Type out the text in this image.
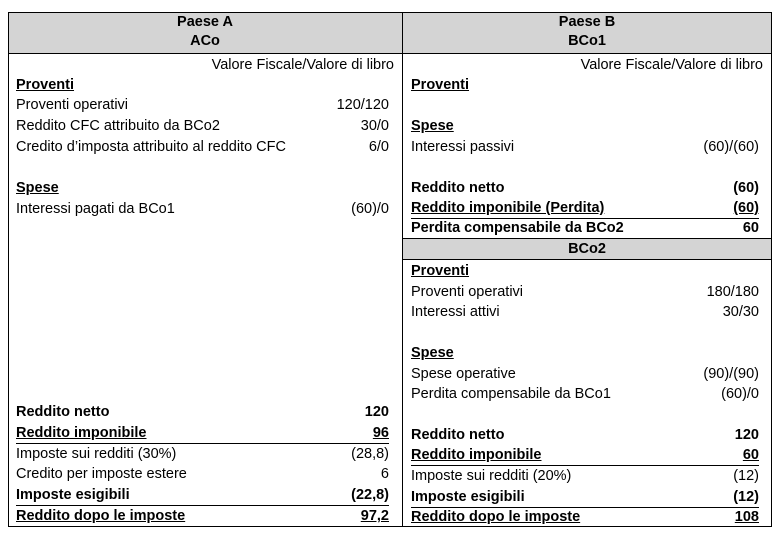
Paese A
ACo
Paese B
BCo1
Valore Fiscale/Valore di libro
Proventi
Proventi operativi	120/120
Reddito CFC attribuito da BCo2	30/0
Credito d’imposta attribuito al reddito CFC	6/0
Spese
Interessi pagati da BCo1	(60)/0
Reddito netto	120
Reddito imponibile	96
Imposte sui redditi (30%)	(28,8)
Credito per imposte estere	6
Imposte esigibili	(22,8)
Reddito dopo le imposte	97,2
Valore Fiscale/Valore di libro
Proventi
Spese
Interessi passivi	(60)/(60)
Reddito netto	(60)
Reddito imponibile (Perdita)	(60)
Perdita compensabile da BCo2	60
BCo2
Proventi
Proventi operativi	180/180
Interessi attivi	30/30
Spese
Spese operative	(90)/(90)
Perdita compensabile da BCo1	(60)/0
Reddito netto	120
Reddito imponibile	60
Imposte sui redditi (20%)	(12)
Imposte esigibili	(12)
Reddito dopo le imposte	108
